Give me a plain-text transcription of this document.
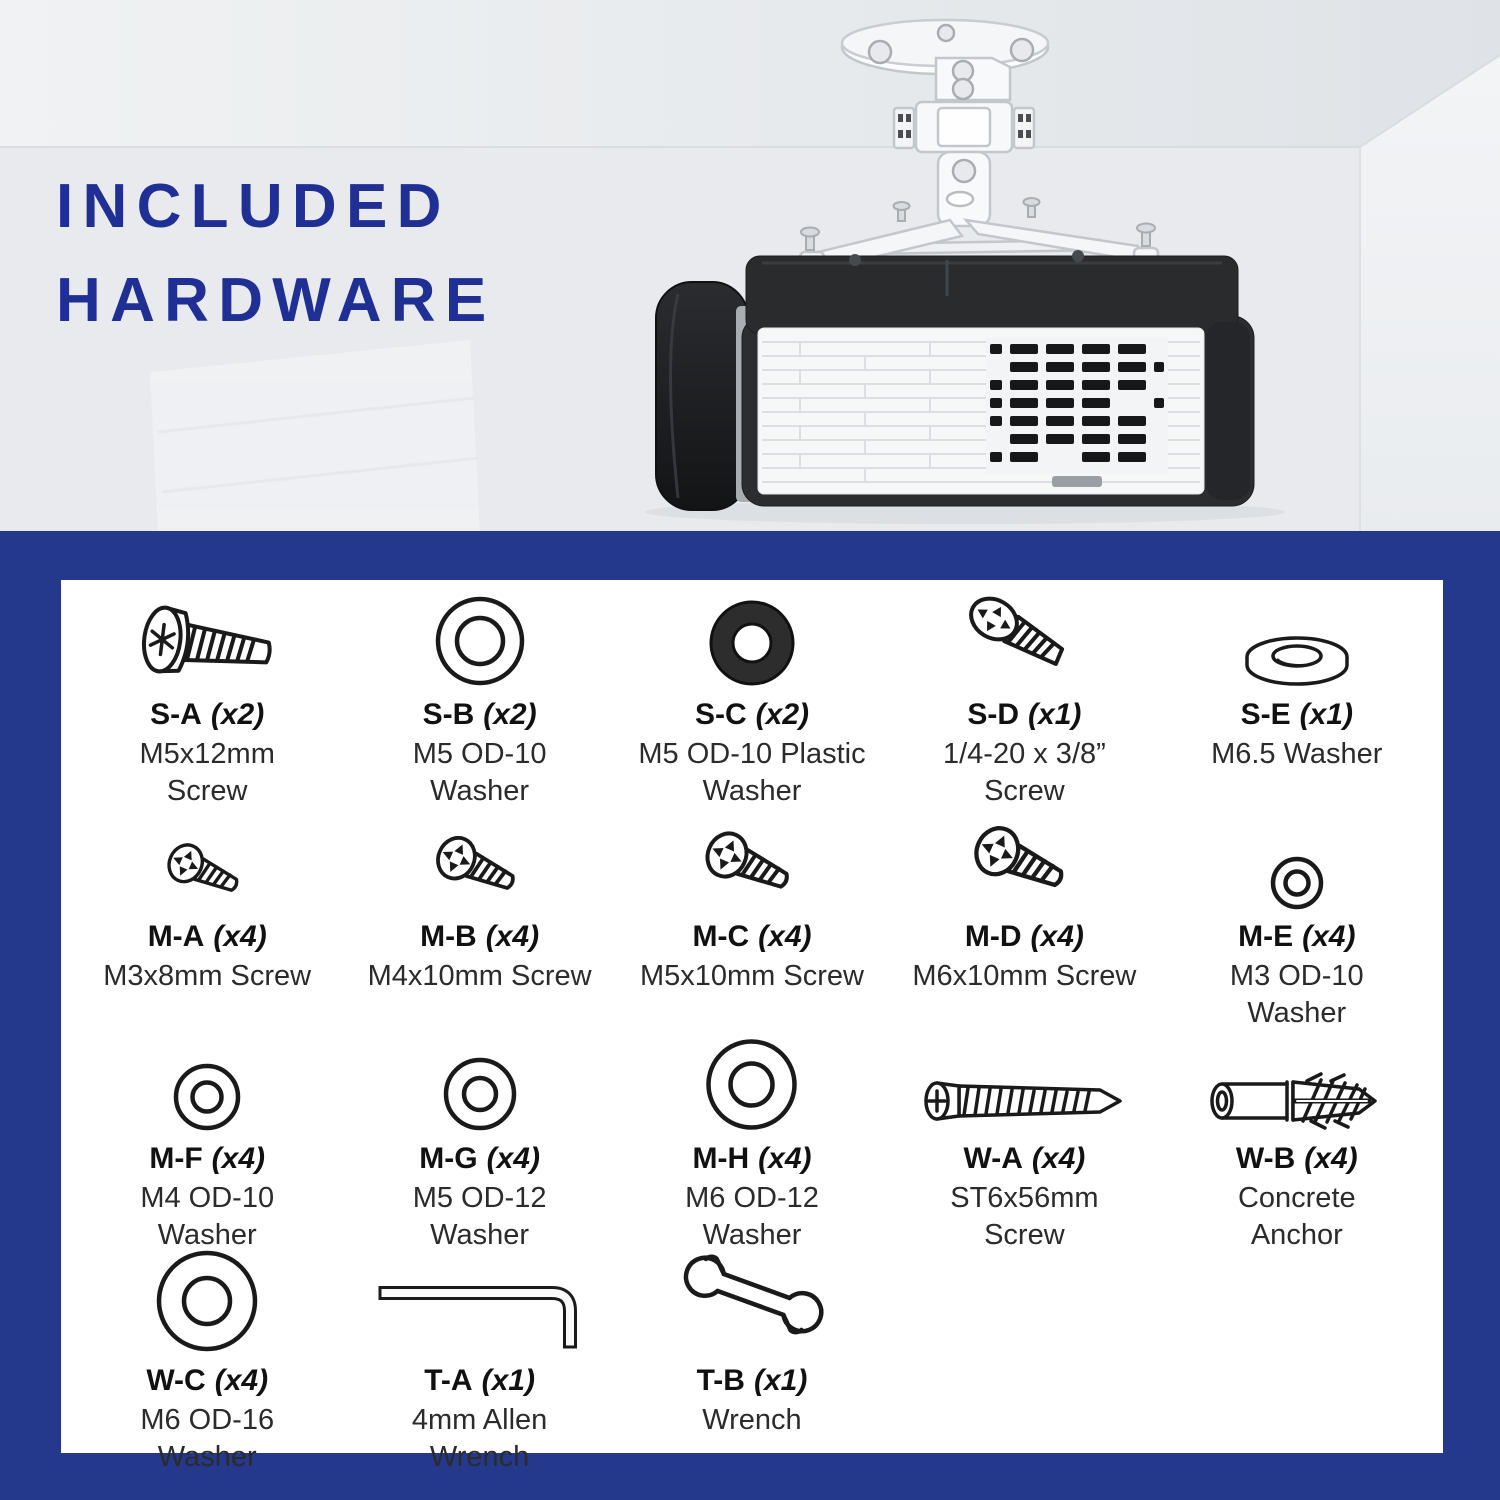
INCLUDED
HARDWARE
S-A (x2)
M5x12mm
Screw
S-B (x2)
M5 OD-10
Washer
S-C (x2)
M5 OD-10 Plastic
Washer
S-D (x1)
1/4-20 x 3/8”
Screw
S-E (x1)
M6.5 Washer
M-A (x4)
M3x8mm Screw
M-B (x4)
M4x10mm Screw
M-C (x4)
M5x10mm Screw
M-D (x4)
M6x10mm Screw
M-E (x4)
M3 OD-10
Washer
M-F (x4)
M4 OD-10
Washer
M-G (x4)
M5 OD-12
Washer
M-H (x4)
M6 OD-12
Washer
W-A (x4)
ST6x56mm
Screw
W-B (x4)
Concrete
Anchor
W-C (x4)
M6 OD-16
Washer
T-A (x1)
4mm Allen
Wrench
T-B (x1)
Wrench
